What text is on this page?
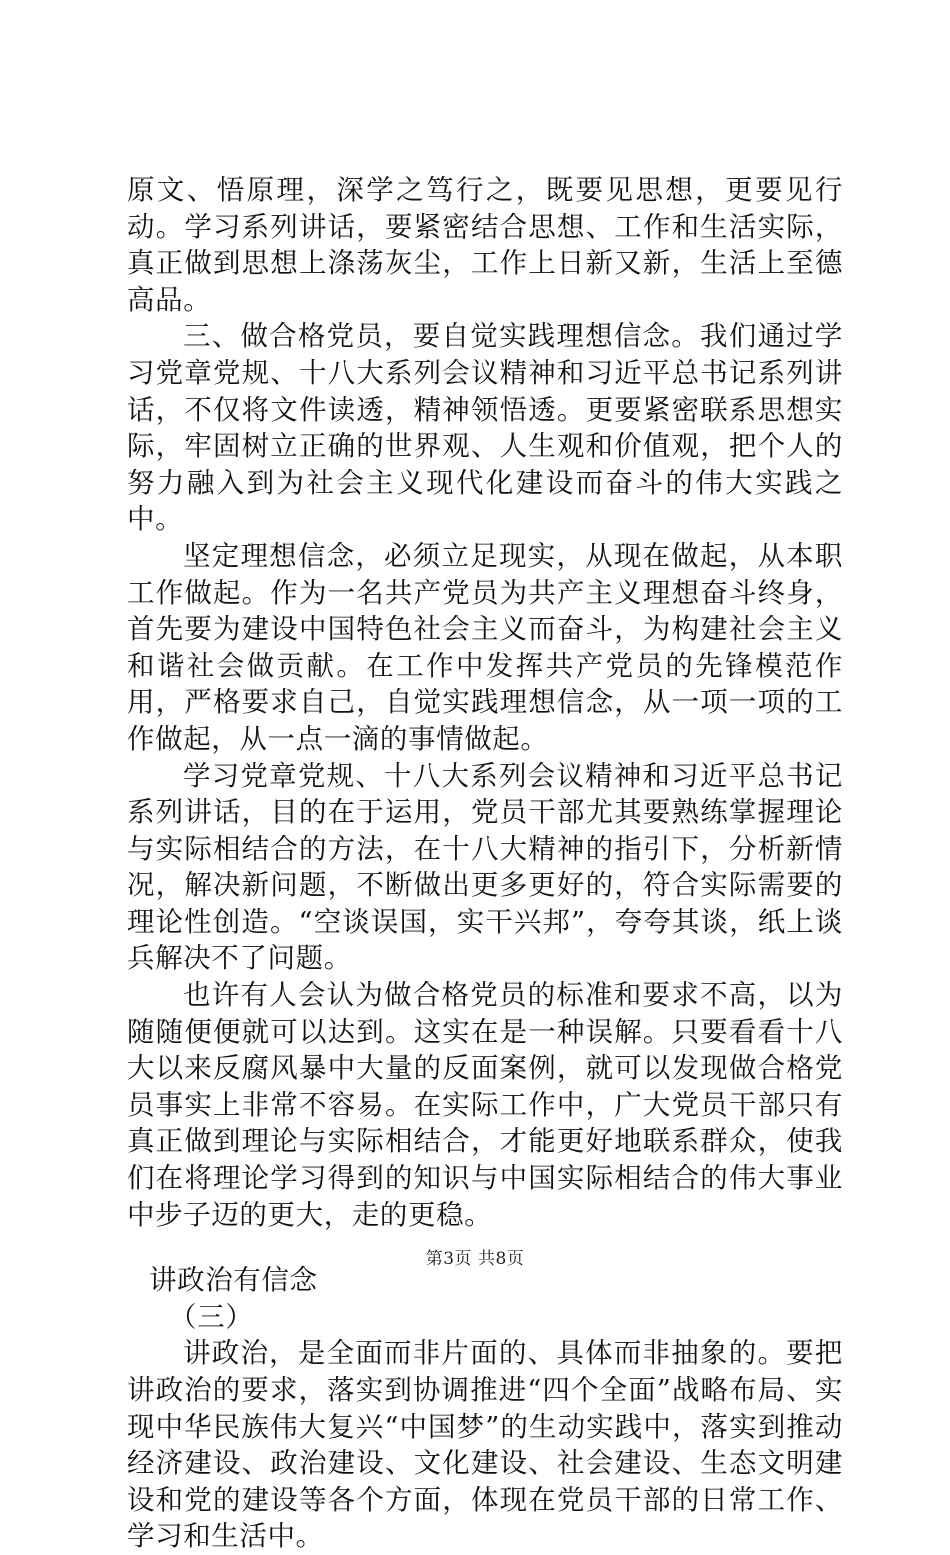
原文、悟原理，深学之笃行之，既要见思想，更要见行动。学习系列讲话，要紧密结合思想、工作和生活实际，真正做到思想上涤荡灰尘，工作上日新又新，生活上至德高品。

三、做合格党员，要自觉实践理想信念。我们通过学习党章党规、十八大系列会议精神和习近平总书记系列讲话，不仅将文件读透，精神领悟透。更要紧密联系思想实际，牢固树立正确的世界观、人生观和价值观，把个人的努力融入到为社会主义现代化建设而奋斗的伟大实践之中。

坚定理想信念，必须立足现实，从现在做起，从本职工作做起。作为一名共产党员为共产主义理想奋斗终身，首先要为建设中国特色社会主义而奋斗，为构建社会主义和谐社会做贡献。在工作中发挥共产党员的先锋模范作用，严格要求自己，自觉实践理想信念，从一项一项的工作做起，从一点一滴的事情做起。

学习党章党规、十八大系列会议精神和习近平总书记系列讲话，目的在于运用，党员干部尤其要熟练掌握理论与实际相结合的方法，在十八大精神的指引下，分析新情况，解决新问题，不断做出更多更好的，符合实际需要的理论性创造。“空谈误国，实干兴邦”，夸夸其谈，纸上谈兵解决不了问题。

也许有人会认为做合格党员的标准和要求不高，以为随随便便就可以达到。这实在是一种误解。只要看看十八大以来反腐风暴中大量的反面案例，就可以发现做合格党员事实上非常不容易。在实际工作中，广大党员干部只有真正做到理论与实际相结合，才能更好地联系群众，使我们在将理论学习得到的知识与中国实际相结合的伟大事业中步子迈的更大，走的更稳。

讲政治有信念

（三）

讲政治，是全面而非片面的、具体而非抽象的。要把讲政治的要求，落实到协调推进“四个全面”战略布局、实现中华民族伟大复兴“中国梦”的生动实践中，落实到推动经济建设、政治建设、文化建设、社会建设、生态文明建设和党的建设等各个方面，体现在党员干部的日常工作、学习和生活中。

第3页 共8页
